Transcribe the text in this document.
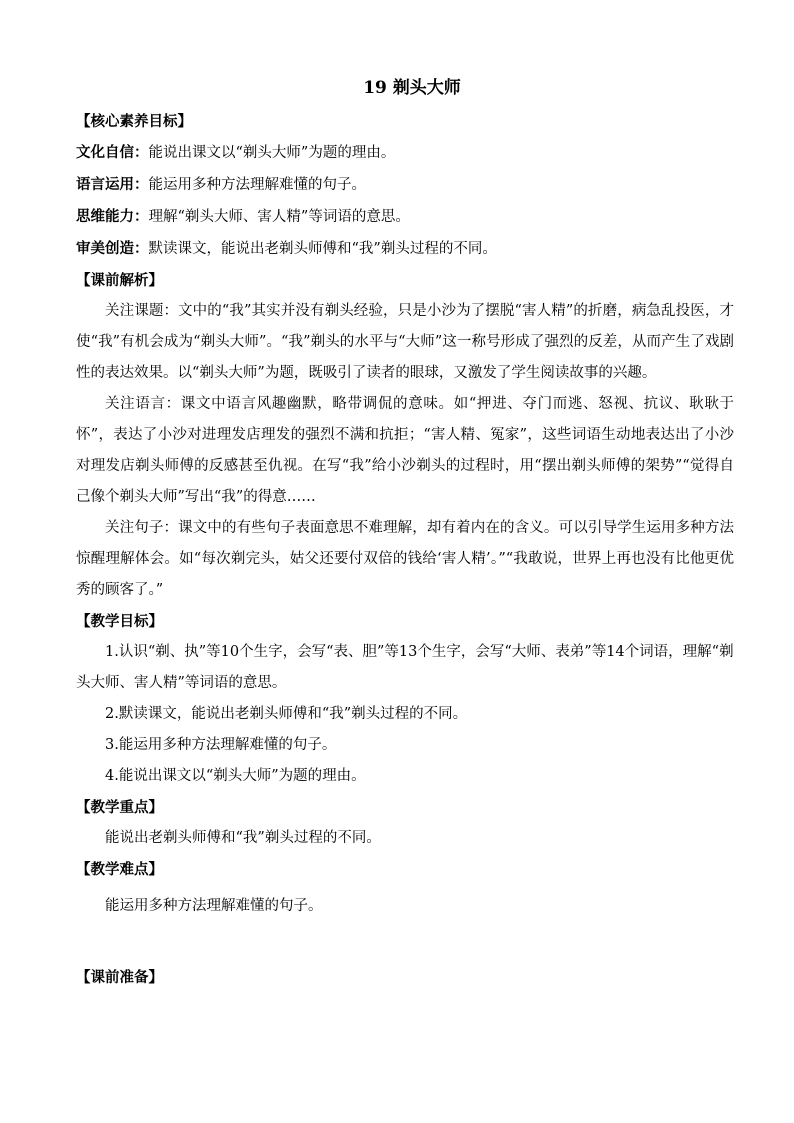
19 剃头大师

【核心素养目标】

文化自信：能说出课文以“剃头大师”为题的理由。

语言运用：能运用多种方法理解难懂的句子。

思维能力：理解“剃头大师、害人精”等词语的意思。

审美创造：默读课文，能说出老剃头师傅和“我”剃头过程的不同。

【课前解析】

关注课题：文中的“我”其实并没有剃头经验，只是小沙为了摆脱“害人精”的折磨，病急乱投医，才使“我”有机会成为“剃头大师”。“我”剃头的水平与“大师”这一称号形成了强烈的反差，从而产生了戏剧性的表达效果。以“剃头大师”为题，既吸引了读者的眼球，又激发了学生阅读故事的兴趣。

关注语言：课文中语言风趣幽默，略带调侃的意味。如“押进、夺门而逃、怒视、抗议、耿耿于怀”，表达了小沙对进理发店理发的强烈不满和抗拒；“害人精、冤家”，这些词语生动地表达出了小沙对理发店剃头师傅的反感甚至仇视。在写“我”给小沙剃头的过程时，用“摆出剃头师傅的架势”“觉得自己像个剃头大师”写出“我”的得意……

关注句子：课文中的有些句子表面意思不难理解，却有着内在的含义。可以引导学生运用多种方法惊醒理解体会。如“每次剃完头，姑父还要付双倍的钱给‘害人精’。”“我敢说，世界上再也没有比他更优秀的顾客了。”

【教学目标】

1.认识“剃、执”等10个生字，会写“表、胆”等13个生字，会写“大师、表弟”等14个词语，理解“剃头大师、害人精”等词语的意思。

2.默读课文，能说出老剃头师傅和“我”剃头过程的不同。

3.能运用多种方法理解难懂的句子。

4.能说出课文以“剃头大师”为题的理由。

【教学重点】

能说出老剃头师傅和“我”剃头过程的不同。

【教学难点】

能运用多种方法理解难懂的句子。

【课前准备】
